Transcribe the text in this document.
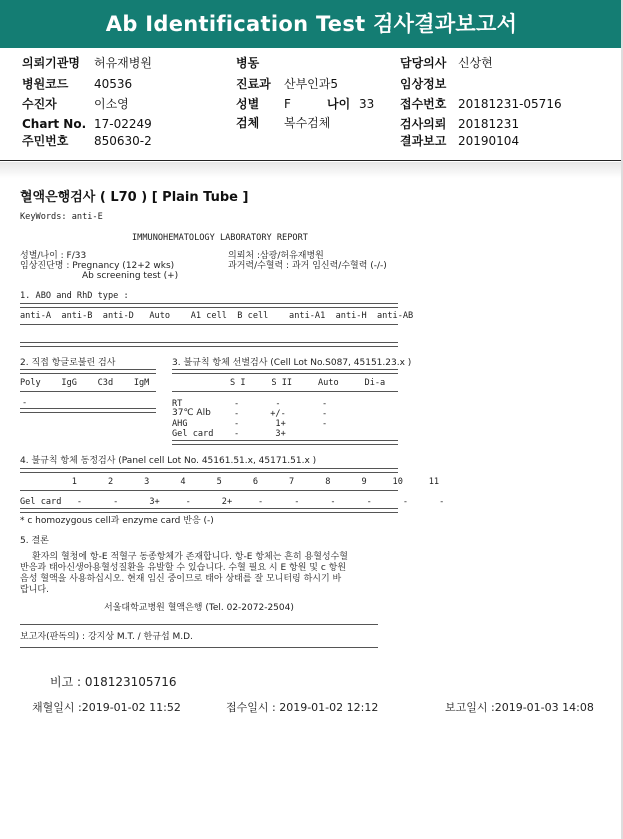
Ab Identification Test 검사결과보고서
의뢰기관명 허유재병원
병원코드 40536
수진자	이소영
Chart No. 17-02249
주민번호 850630-2
병동
진료과 산부인과5
성별 F	나이 33
검체 복수검체
담당의사 신상현
임상정보
접수번호 20181231-05716
검사의뢰 20181231
결과보고 20190104
혈액은행검사 ( L70 ) [ Plain Tube ]
KeyWords: anti-E
IMMUNOHEMATOLOGY LABORATORY REPORT
성별/나이 : F/33	의뢰처 :삼광/허유재병원
임상진단명 : Pregnancy (12+2 wks)	과거력/수혈력 : 과거 임신력/수혈력 (-/-)
Ab screening test (+)
1. ABO and RhD type :
anti-A  anti-B  anti-D   Auto    A1 cell  B cell    anti-A1  anti-H  anti-AB
2. 직접 항글로불린 검사	3. 불규칙 항체 선별검사 (Cell Lot No.S087, 45151.23.x )
Poly    IgG    C3d    IgM	S I     S II     Auto     Di-a
-	RT	-       -        -
37℃ Alb	-      +/-       -
AHG	-       1+       -
Gel card -       3+
4. 불규칙 항체 동정검사 (Panel cell Lot No. 45161.51.x, 45171.51.x )
1      2      3      4      5      6      7      8      9     10     11
Gel card   -      -      3+     -      2+     -      -      -      -      -      -
* c homozygous cell과 enzyme card 반응 (-)
5. 결론
환자의 혈청에 항-E 적혈구 동종항체가 존재합니다. 항-E 항체는 흔히 용혈성수혈
반응과 태아신생아용혈성질환을 유발할 수 있습니다. 수혈 필요 시 E 항원 및 c 항원
음성 혈액을 사용하십시오. 현재 임신 중이므로 태아 상태를 잘 모니터링 하시기 바
랍니다.
서울대학교병원 혈액은행 (Tel. 02-2072-2504)
보고자(판독의) : 강지상 M.T. / 한규섭 M.D.
비고 : 018123105716
채혈일시 :2019-01-02 11:52	접수일시 : 2019-01-02 12:12	보고일시 :2019-01-03 14:08
